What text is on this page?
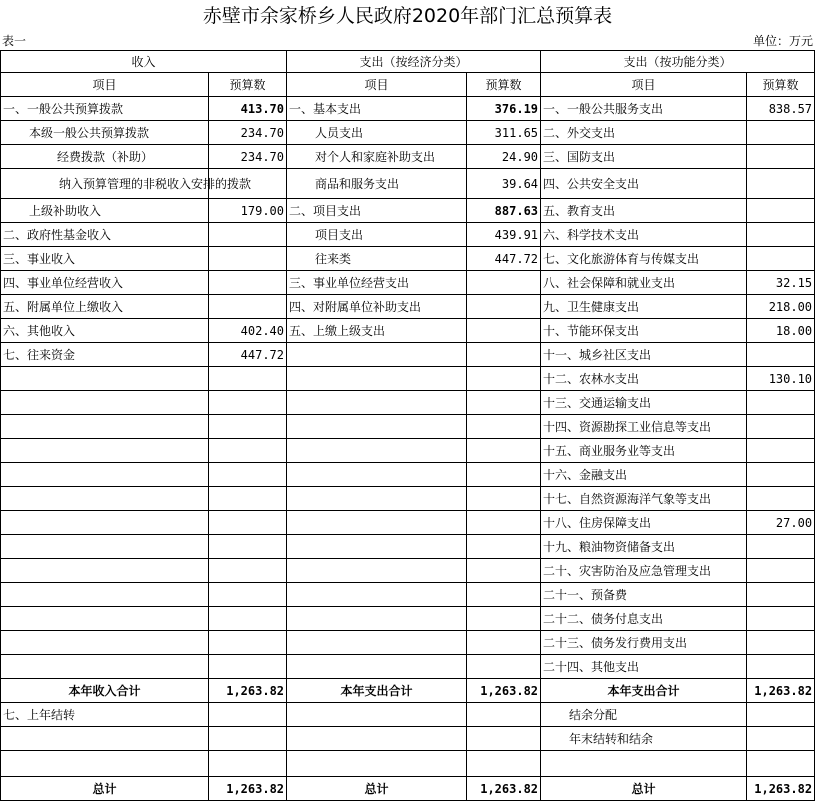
赤壁市余家桥乡人民政府2020年部门汇总预算表
表一	单位：万元
收入		支出（按经济分类）		支出（按功能分类）	
项目	预算数	项目	预算数	项目	预算数
一、一般公共预算拨款	413.70	一、基本支出	376.19	一、一般公共服务支出	838.57
本级一般公共预算拨款	234.70	人员支出	311.65	二、外交支出	
经费拨款（补助）	234.70	对个人和家庭补助支出	24.90	三、国防支出	
纳入预算管理的非税收入安排的拨款		商品和服务支出	39.64	四、公共安全支出	
上级补助收入	179.00	二、项目支出	887.63	五、教育支出	
二、政府性基金收入		项目支出	439.91	六、科学技术支出	
三、事业收入		往来类	447.72	七、文化旅游体育与传媒支出	
四、事业单位经营收入		三、事业单位经营支出		八、社会保障和就业支出	32.15
五、附属单位上缴收入		四、对附属单位补助支出		九、卫生健康支出	218.00
六、其他收入	402.40	五、上缴上级支出		十、节能环保支出	18.00
七、往来资金	447.72			十一、城乡社区支出	
				十二、农林水支出	130.10
				十三、交通运输支出	
				十四、资源勘探工业信息等支出	
				十五、商业服务业等支出	
				十六、金融支出	
				十七、自然资源海洋气象等支出	
				十八、住房保障支出	27.00
				十九、粮油物资储备支出	
				二十、灾害防治及应急管理支出	
				二十一、预备费	
				二十二、债务付息支出	
				二十三、债务发行费用支出	
				二十四、其他支出	
本年收入合计	1,263.82	本年支出合计	1,263.82	本年支出合计	1,263.82
七、上年结转				结余分配	
				年末结转和结余	

总计	1,263.82	总计	1,263.82	总计	1,263.82
